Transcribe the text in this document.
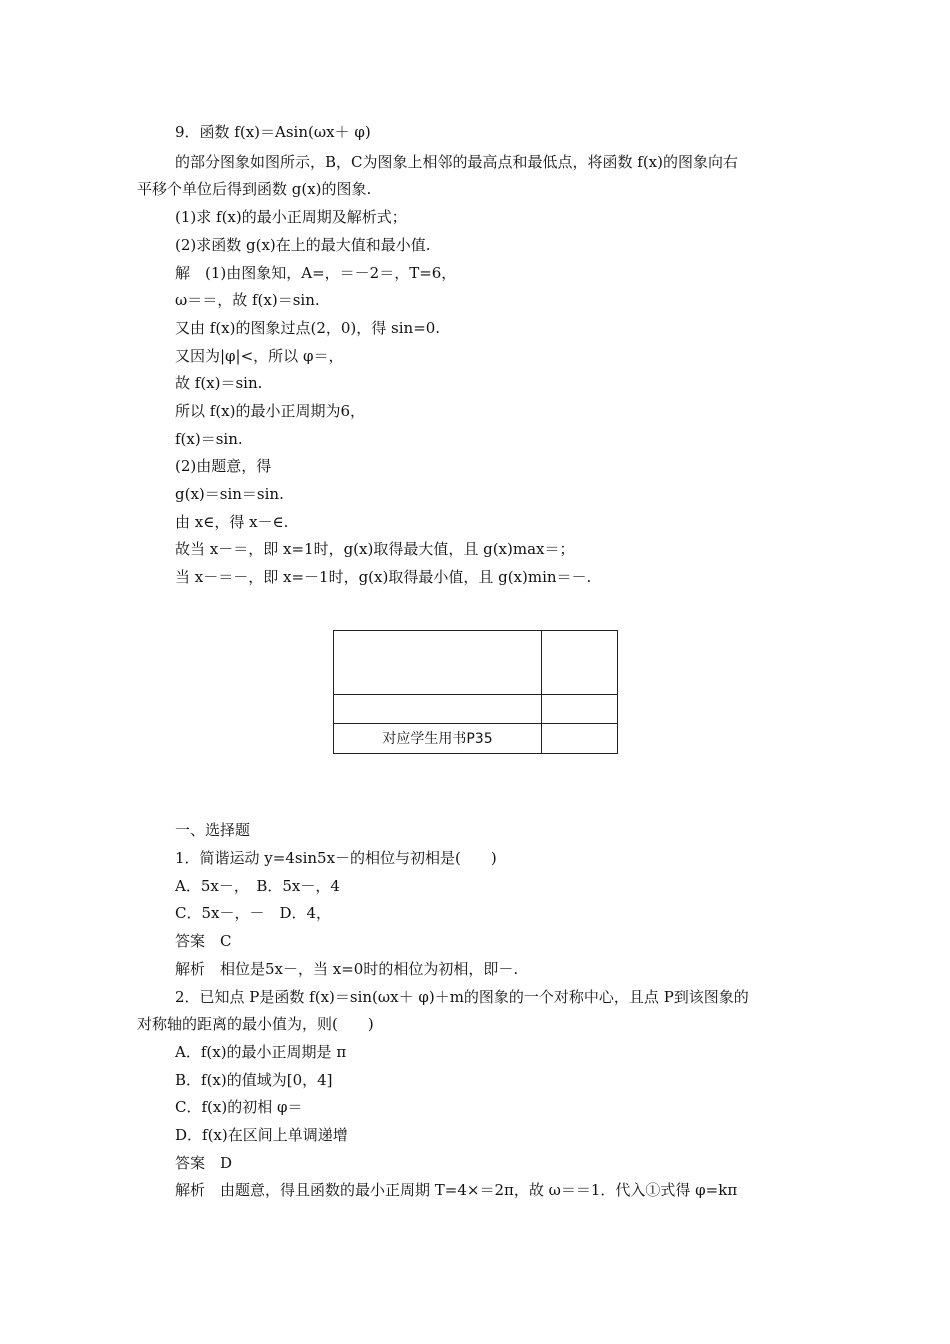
9．函数 f(x)＝Asin(ωx＋ φ)
的部分图象如图所示，B，C为图象上相邻的最高点和最低点，将函数 f(x)的图象向右
平移个单位后得到函数 g(x)的图象.
(1)求 f(x)的最小正周期及解析式；
(2)求函数 g(x)在上的最大值和最小值.
解　(1)由图象知，A=，＝－2＝，T=6，
ω＝＝，故 f(x)＝sin.
又由 f(x)的图象过点(2，0)，得 sin=0.
又因为|φ|<，所以 φ＝，
故 f(x)＝sin.
所以 f(x)的最小正周期为6，
f(x)＝sin.
(2)由题意，得
g(x)＝sin＝sin.
由 x∈，得 x－∈.
故当 x－＝，即 x=1时，g(x)取得最大值，且 g(x)max＝；
当 x－＝－，即 x=－1时，g(x)取得最小值，且 g(x)min＝－.

对应学生用书P35	
一、选择题
1．简谐运动 y=4sin5x－的相位与初相是(　　)
A．5x－，　B．5x－，4
C．5x－，－　D．4，
答案　C
解析　相位是5x－，当 x=0时的相位为初相，即－.
2．已知点 P是函数 f(x)＝sin(ωx＋ φ)＋m的图象的一个对称中心，且点 P到该图象的
对称轴的距离的最小值为，则(　　)
A．f(x)的最小正周期是 π
B．f(x)的值域为[0，4]
C．f(x)的初相 φ＝
D．f(x)在区间上单调递增
答案　D
解析　由题意，得且函数的最小正周期 T=4×＝2π，故 ω＝＝1．代入①式得 φ=kπ
